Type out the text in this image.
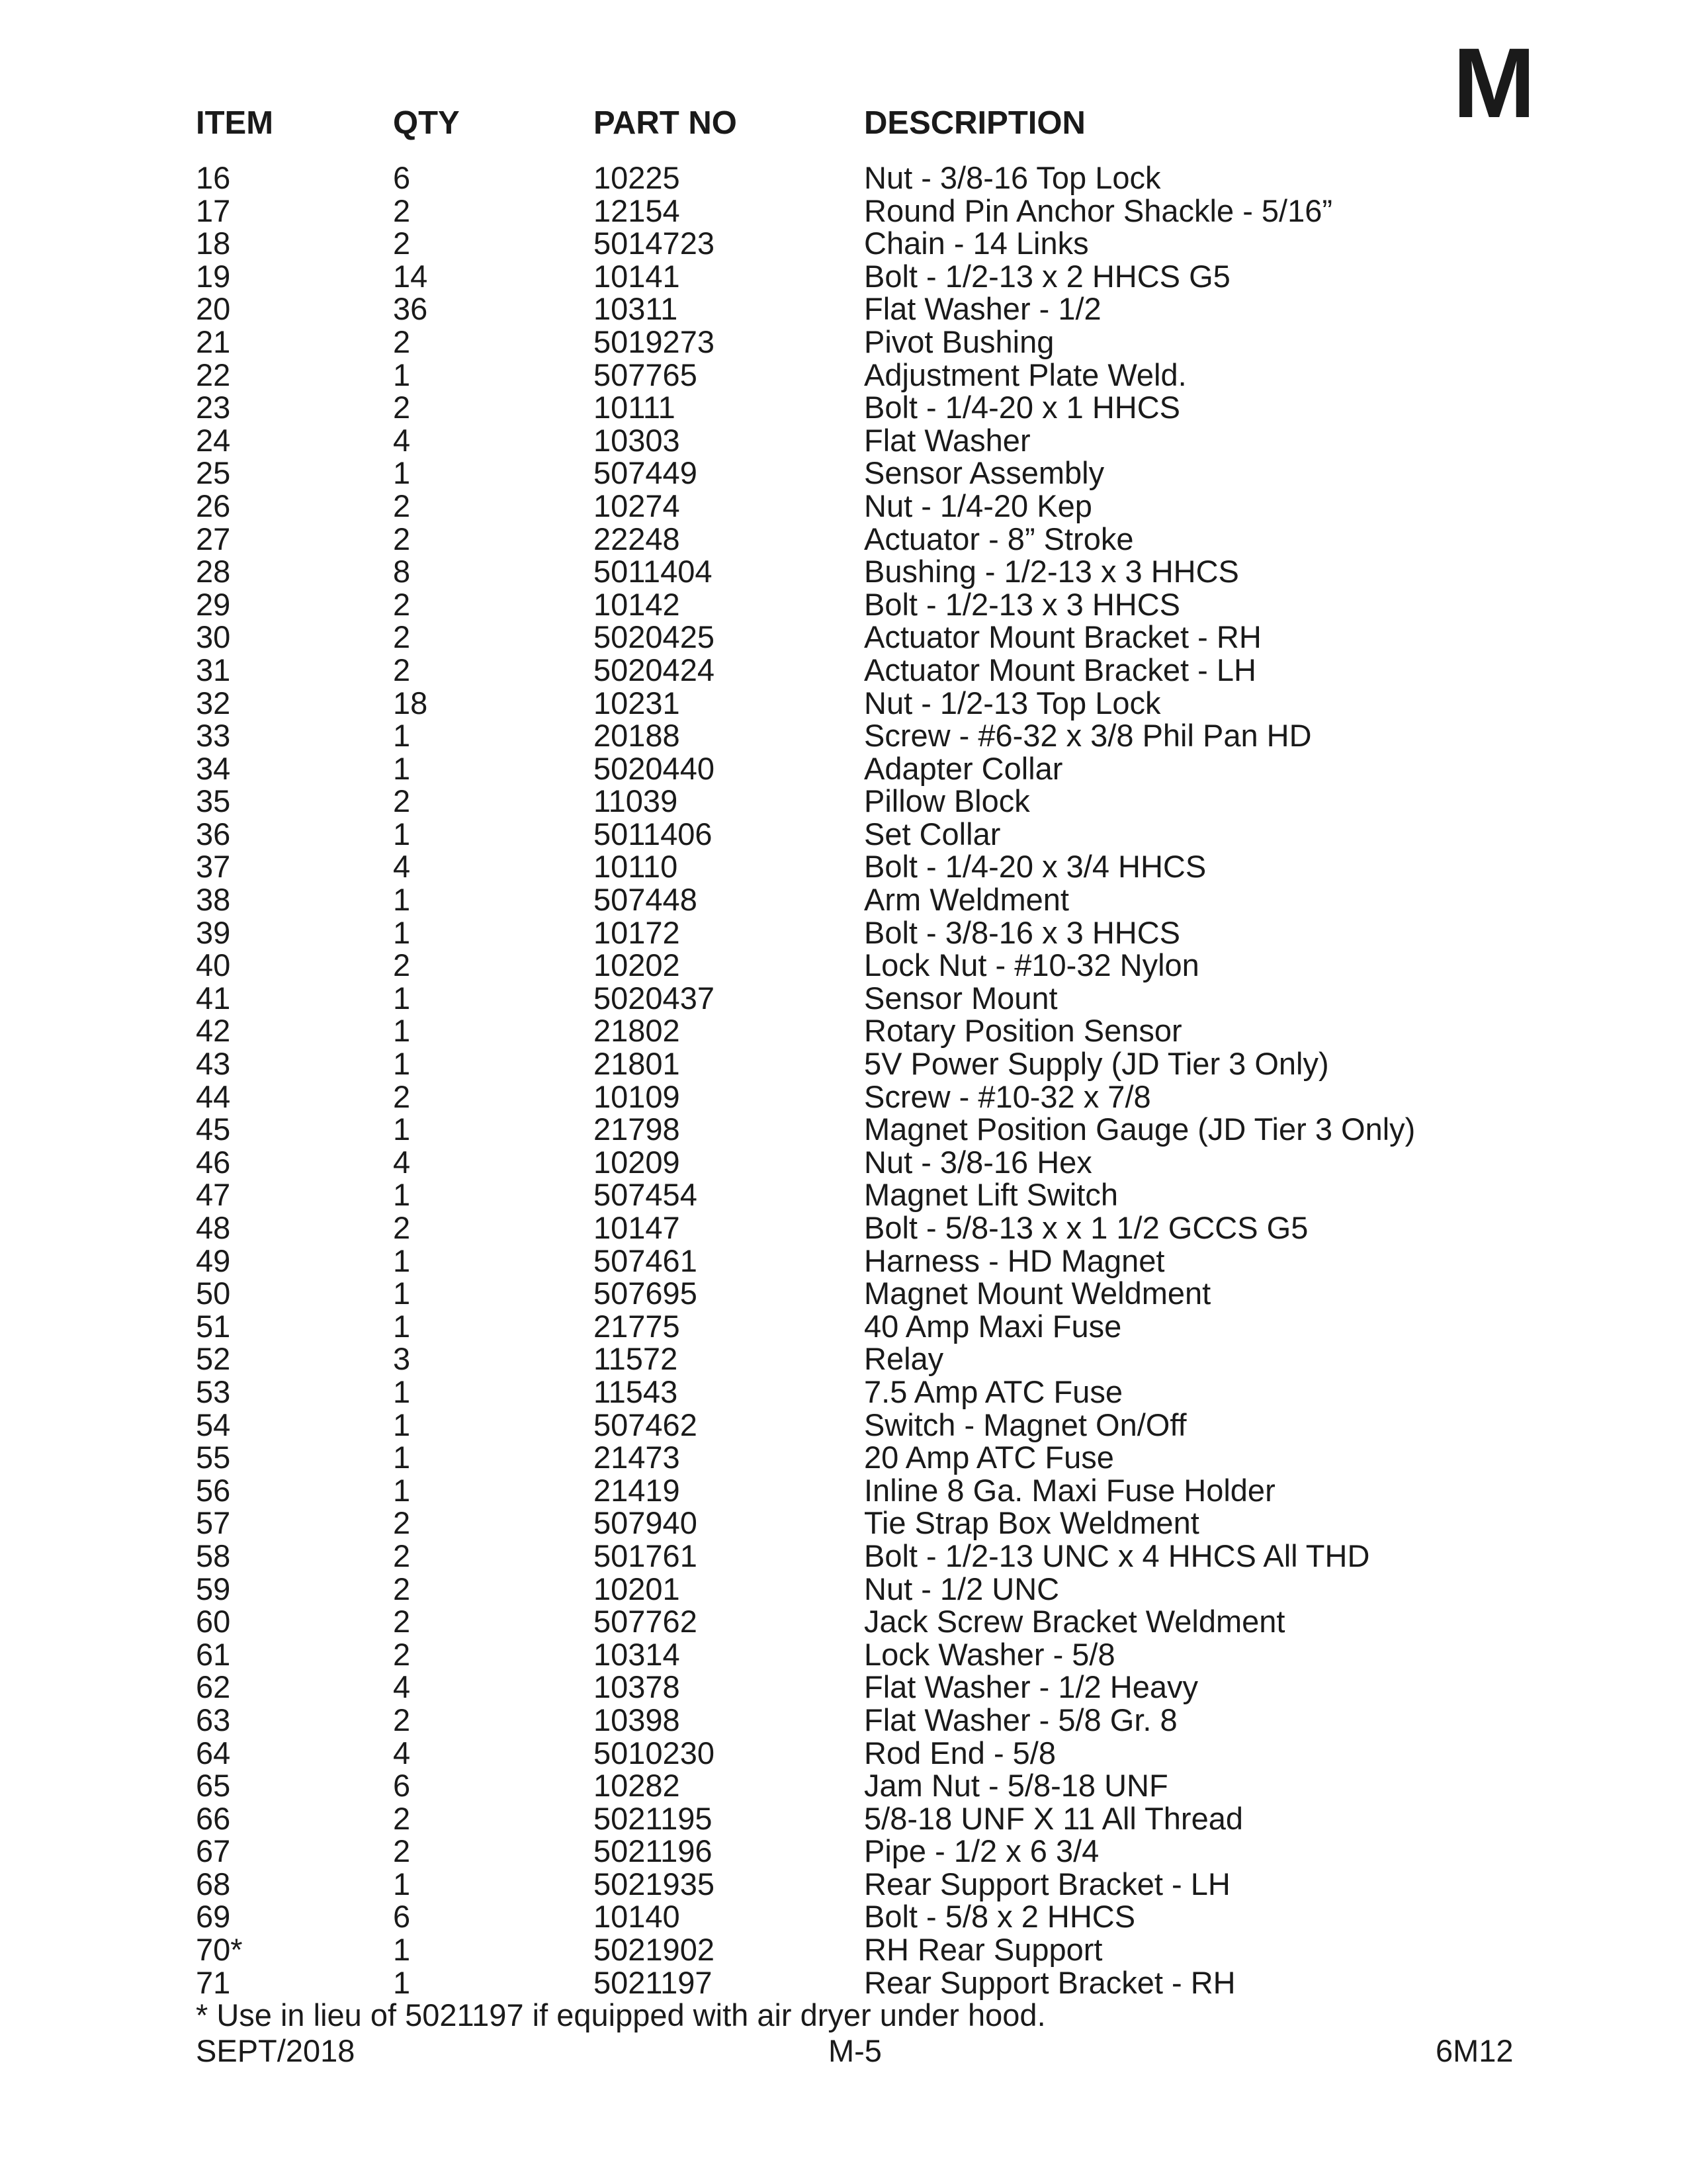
M
ITEM	QTY	PART NO	DESCRIPTION
16	6	10225	Nut - 3/8-16 Top Lock
17	2	12154	Round Pin Anchor Shackle - 5/16”
18	2	5014723	Chain - 14 Links
19	14	10141	Bolt - 1/2-13 x 2 HHCS G5
20	36	10311	Flat Washer - 1/2
21	2	5019273	Pivot Bushing
22	1	507765	Adjustment Plate Weld.
23	2	10111	Bolt - 1/4-20 x 1 HHCS
24	4	10303	Flat Washer
25	1	507449	Sensor Assembly
26	2	10274	Nut - 1/4-20 Kep
27	2	22248	Actuator - 8” Stroke
28	8	5011404	Bushing - 1/2-13 x 3 HHCS
29	2	10142	Bolt - 1/2-13 x 3 HHCS
30	2	5020425	Actuator Mount Bracket - RH
31	2	5020424	Actuator Mount Bracket - LH
32	18	10231	Nut - 1/2-13 Top Lock
33	1	20188	Screw - #6-32 x 3/8 Phil Pan HD
34	1	5020440	Adapter Collar
35	2	11039	Pillow Block
36	1	5011406	Set Collar
37	4	10110	Bolt - 1/4-20 x 3/4 HHCS
38	1	507448	Arm Weldment
39	1	10172	Bolt - 3/8-16 x 3 HHCS
40	2	10202	Lock Nut - #10-32 Nylon
41	1	5020437	Sensor Mount
42	1	21802	Rotary Position Sensor
43	1	21801	5V Power Supply (JD Tier 3 Only)
44	2	10109	Screw - #10-32 x 7/8
45	1	21798	Magnet Position Gauge (JD Tier 3 Only)
46	4	10209	Nut - 3/8-16 Hex
47	1	507454	Magnet Lift Switch
48	2	10147	Bolt - 5/8-13 x x 1 1/2 GCCS G5
49	1	507461	Harness - HD Magnet
50	1	507695	Magnet Mount Weldment
51	1	21775	40 Amp Maxi Fuse
52	3	11572	Relay
53	1	11543	7.5 Amp ATC Fuse
54	1	507462	Switch - Magnet On/Off
55	1	21473	20 Amp ATC Fuse
56	1	21419	Inline 8 Ga. Maxi Fuse Holder
57	2	507940	Tie Strap Box Weldment
58	2	501761	Bolt - 1/2-13 UNC x 4 HHCS All THD
59	2	10201	Nut - 1/2 UNC
60	2	507762	Jack Screw Bracket Weldment
61	2	10314	Lock Washer - 5/8
62	4	10378	Flat Washer - 1/2 Heavy
63	2	10398	Flat Washer - 5/8 Gr. 8
64	4	5010230	Rod End - 5/8
65	6	10282	Jam Nut - 5/8-18 UNF
66	2	5021195	5/8-18 UNF X 11 All Thread
67	2	5021196	Pipe - 1/2 x 6 3/4
68	1	5021935	Rear Support Bracket - LH
69	6	10140	Bolt - 5/8 x 2 HHCS
70*	1	5021902	RH Rear Support
71	1	5021197	Rear Support Bracket - RH
* Use in lieu of 5021197 if equipped with air dryer under hood.
SEPT/2018	M-5	6M12
